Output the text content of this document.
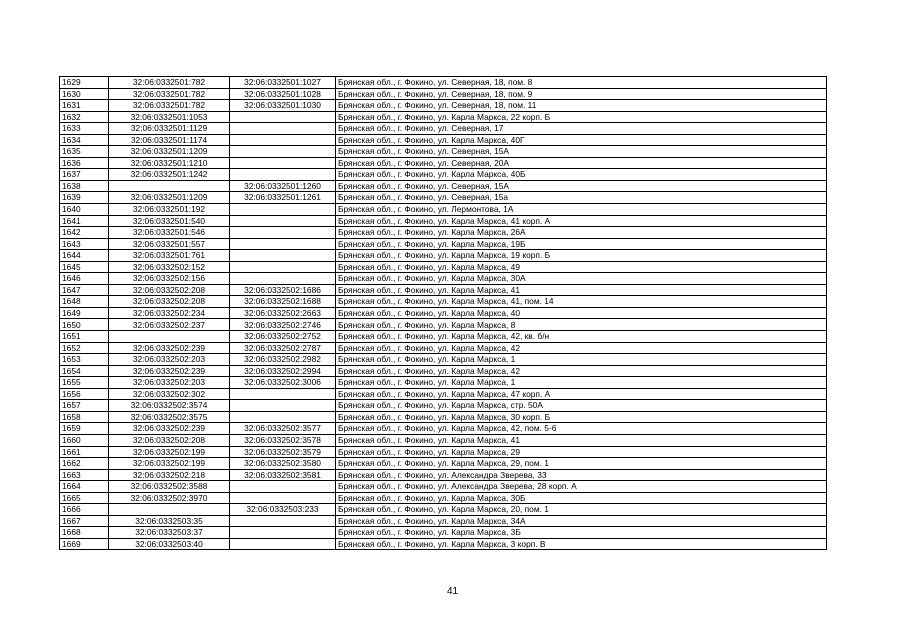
1629	32:06:0332501:782	32:06:0332501:1027	Брянская обл., г. Фокино, ул. Северная, 18, пом. 8
1630	32:06:0332501:782	32:06:0332501:1028	Брянская обл., г. Фокино, ул. Северная, 18, пом. 9
1631	32:06:0332501:782	32:06:0332501:1030	Брянская обл., г. Фокино, ул. Северная, 18, пом. 11
1632	32:06:0332501:1053		Брянская обл., г. Фокино, ул. Карла Маркса, 22 корп. Б
1633	32:06:0332501:1129		Брянская обл., г. Фокино, ул. Северная, 17
1634	32:06:0332501:1174		Брянская обл., г. Фокино, ул. Карла Маркса, 40Г
1635	32:06:0332501:1209		Брянская обл., г. Фокино, ул. Северная, 15А
1636	32:06:0332501:1210		Брянская обл., г. Фокино, ул. Северная, 20А
1637	32:06:0332501:1242		Брянская обл., г. Фокино, ул. Карла Маркса, 40Б
1638		32:06:0332501:1260	Брянская обл., г. Фокино, ул. Северная, 15А
1639	32:06:0332501:1209	32:06:0332501:1261	Брянская обл., г. Фокино, ул. Северная, 15а
1640	32:06:0332501:192		Брянская обл., г. Фокино, ул. Лермонтова, 1А
1641	32:06:0332501:540		Брянская обл., г. Фокино, ул. Карла Маркса, 41 корп. А
1642	32:06:0332501:546		Брянская обл., г. Фокино, ул. Карла Маркса, 26А
1643	32:06:0332501:557		Брянская обл., г. Фокино, ул. Карла Маркса, 19Б
1644	32:06:0332501:761		Брянская обл., г. Фокино, ул. Карла Маркса, 19 корп. Б
1645	32:06:0332502:152		Брянская обл., г. Фокино, ул. Карла Маркса, 49
1646	32:06:0332502:156		Брянская обл., г. Фокино, ул. Карла Маркса, 30А
1647	32:06:0332502:208	32:06:0332502:1686	Брянская обл., г. Фокино, ул. Карла Маркса, 41
1648	32:06:0332502:208	32:06:0332502:1688	Брянская обл., г. Фокино, ул. Карла Маркса, 41, пом. 14
1649	32:06:0332502:234	32:06:0332502:2663	Брянская обл., г. Фокино, ул. Карла Маркса, 40
1650	32:06:0332502:237	32:06:0332502:2746	Брянская обл., г. Фокино, ул. Карла Маркса, 8
1651		32:06:0332502:2752	Брянская обл., г. Фокино, ул. Карла Маркса, 42, кв. б/н
1652	32:06:0332502:239	32:06:0332502:2787	Брянская обл., г. Фокино, ул. Карла Маркса, 42
1653	32:06:0332502:203	32:06:0332502:2982	Брянская обл., г. Фокино, ул. Карла Маркса, 1
1654	32:06:0332502:239	32:06:0332502:2994	Брянская обл., г. Фокино, ул. Карла Маркса, 42
1655	32:06:0332502:203	32:06:0332502:3006	Брянская обл., г. Фокино, ул. Карла Маркса, 1
1656	32:06:0332502:302		Брянская обл., г. Фокино, ул. Карла Маркса, 47 корп. А
1657	32:06:0332502:3574		Брянская обл., г. Фокино, ул. Карла Маркса, стр. 50А
1658	32:06:0332502:3575		Брянская обл., г. Фокино, ул. Карла Маркса, 30 корп. Б
1659	32:06:0332502:239	32:06:0332502:3577	Брянская обл., г. Фокино, ул. Карла Маркса, 42, пом. 5-6
1660	32:06:0332502:208	32:06:0332502:3578	Брянская обл., г. Фокино, ул. Карла Маркса, 41
1661	32:06:0332502:199	32:06:0332502:3579	Брянская обл., г. Фокино, ул. Карла Маркса, 29
1662	32:06:0332502:199	32:06:0332502:3580	Брянская обл., г. Фокино, ул. Карла Маркса, 29, пом. 1
1663	32:06:0332502:218	32:06:0332502:3581	Брянская обл., г. Фокино, ул. Александра Зверева, 33
1664	32:06:0332502:3588		Брянская обл., г. Фокино, ул. Александра Зверева, 28 корп. А
1665	32:06:0332502:3970		Брянская обл., г. Фокино, ул. Карла Маркса, 30Б
1666		32:06:0332503:233	Брянская обл., г. Фокино, ул. Карла Маркса, 20, пом. 1
1667	32:06:0332503:35		Брянская обл., г. Фокино, ул. Карла Маркса, 34А
1668	32:06:0332503:37		Брянская обл., г. Фокино, ул. Карла Маркса, 3Б
1669	32:06:0332503:40		Брянская обл., г. Фокино, ул. Карла Маркса, 3 корп. В
41
